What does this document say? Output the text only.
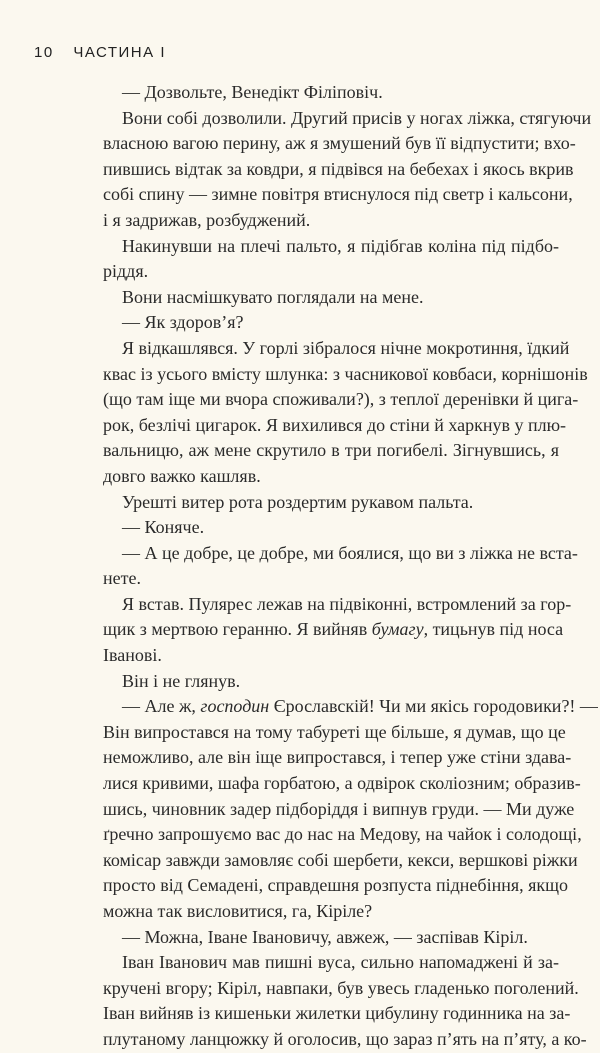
10 ЧАСТИНА І
— Дозвольте, Венедікт Філіповіч.
Вони собі дозволили. Другий присів у ногах ліжка, стягуючи
власною вагою перину, аж я змушений був її відпустити; вхо-
пившись відтак за ковдри, я підвівся на бебехах і якось вкрив
собі спину — зимне повітря втиснулося під светр і кальсони,
і я задрижав, розбуджений.
Накинувши на плечі пальто, я підібгав коліна під підбо-
ріддя.
Вони насмішкувато поглядали на мене.
— Як здоров’я?
Я відкашлявся. У горлі зібралося нічне мокротиння, їдкий
квас із усього вмісту шлунка: з часникової ковбаси, корнішонів
(що там іще ми вчора споживали?), з теплої деренівки й цига-
рок, безлічі цигарок. Я вихилився до стіни й харкнув у плю-
вальницю, аж мене скрутило в три погибелі. Зігнувшись, я
довго важко кашляв.
Урешті витер рота роздертим рукавом пальта.
— Коняче.
— А це добре, це добре, ми боялися, що ви з ліжка не вста-
нете.
Я встав. Пулярес лежав на підвіконні, встромлений за гор-
щик з мертвою геранню. Я вийняв бумагу, тицьнув під носа
Іванові.
Він і не глянув.
— Але ж, господин Єрославскій! Чи ми якісь городовики?! —
Він випростався на тому табуреті ще більше, я думав, що це
неможливо, але він іще випростався, і тепер уже стіни здава-
лися кривими, шафа горбатою, а одвірок сколіозним; образив-
шись, чиновник задер підборіддя і випнув груди. — Ми дуже
ґречно запрошуємо вас до нас на Медову, на чайок і солодощі,
комісар завжди замовляє собі шербети, кекси, вершкові ріжки
просто від Семадені, справдешня розпуста піднебіння, якщо
можна так висловитися, га, Кіріле?
— Можна, Іване Івановичу, авжеж, — заспівав Кіріл.
Іван Іванович мав пишні вуса, сильно напомаджені й за-
кручені вгору; Кіріл, навпаки, був увесь гладенько поголений.
Іван вийняв із кишеньки жилетки цибулину годинника на за-
плутаному ланцюжку й оголосив, що зараз п’ять на п’яту, а ко-
